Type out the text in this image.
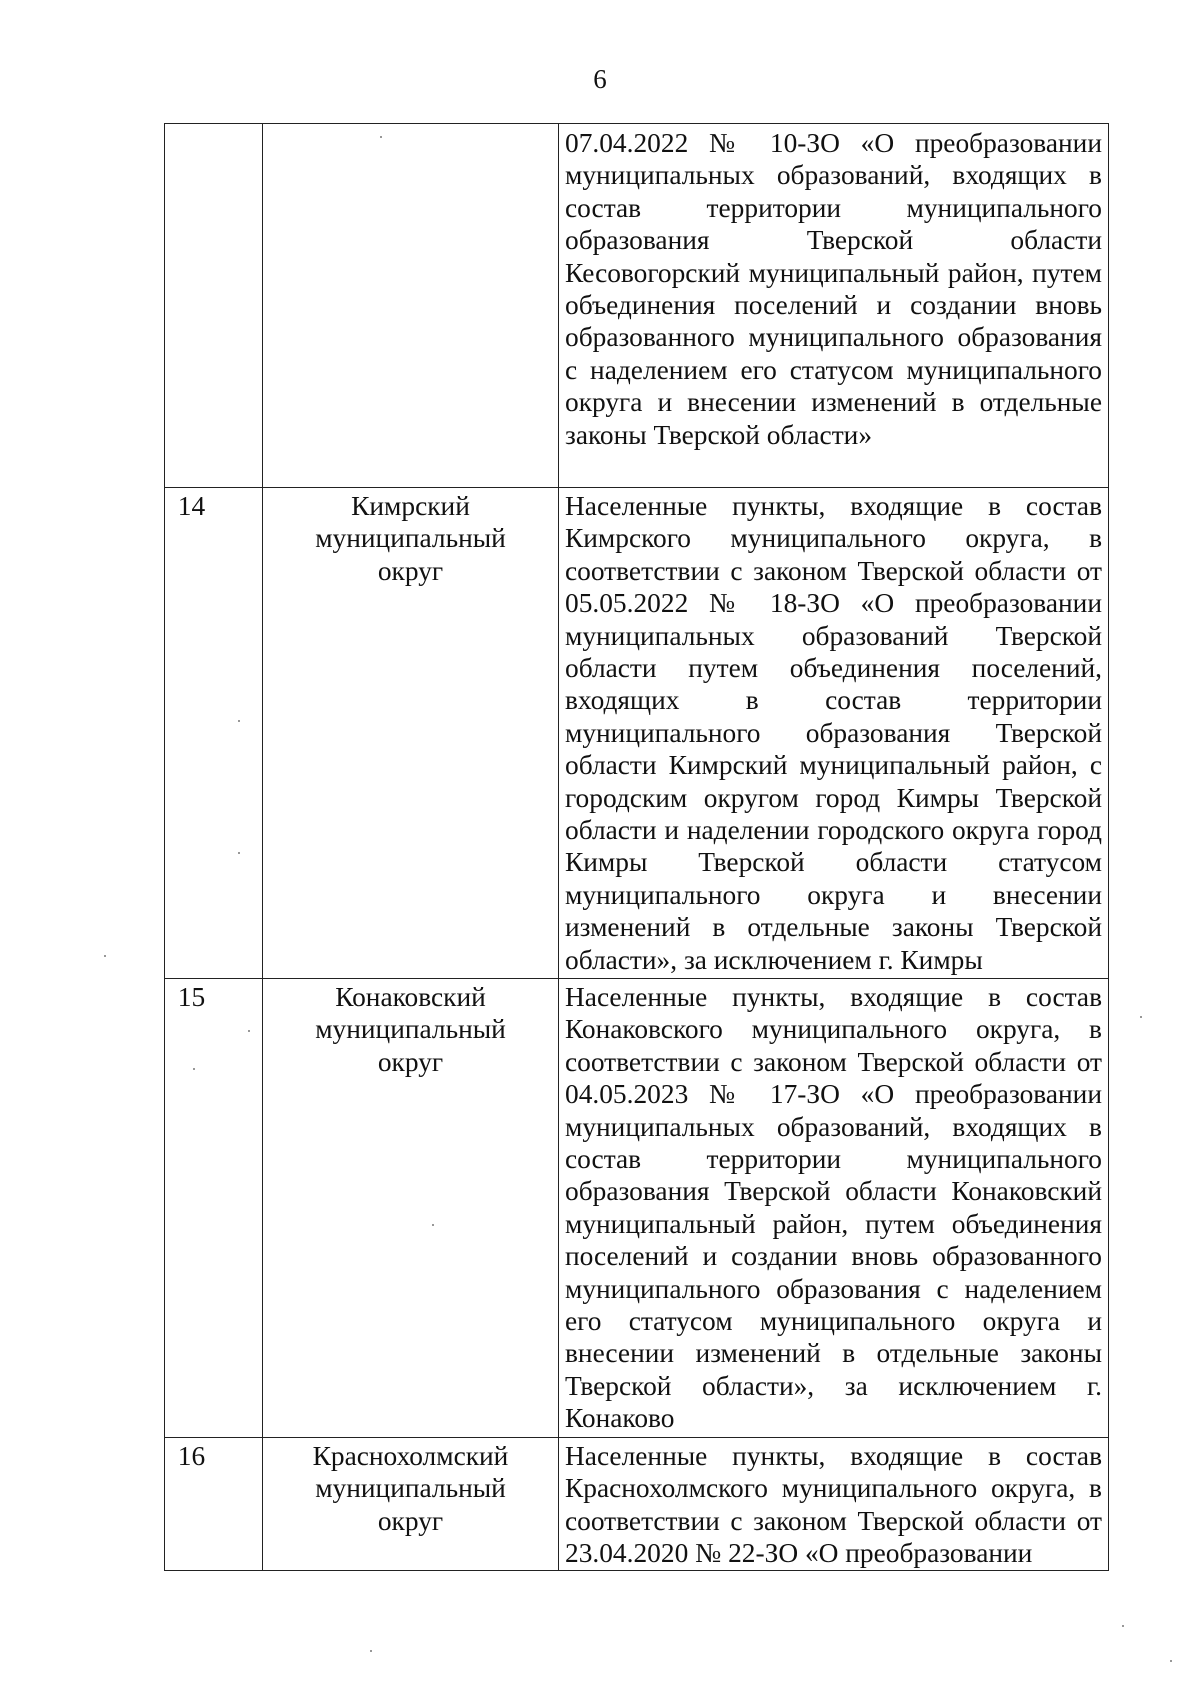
6

		07.04.2022 № 10-ЗО «О преобразовании муниципальных образований, входящих в состав территории муниципального образования Тверской области Кесовогорский муниципальный район, путем объединения поселений и создании вновь образованного муниципального образования с наделением его статусом муниципального округа и внесении изменений в отдельные законы Тверской области»

14	Кимрский муниципальный округ	Населенные пункты, входящие в состав Кимрского муниципального округа, в соответствии с законом Тверской области от 05.05.2022 № 18-ЗО «О преобразовании муниципальных образований Тверской области путем объединения поселений, входящих в состав территории муниципального образования Тверской области Кимрский муниципальный район, с городским округом город Кимры Тверской области и наделении городского округа город Кимры Тверской области статусом муниципального округа и внесении изменений в отдельные законы Тверской области», за исключением г. Кимры

15	Конаковский муниципальный округ	Населенные пункты, входящие в состав Конаковского муниципального округа, в соответствии с законом Тверской области от 04.05.2023 № 17-ЗО «О преобразовании муниципальных образований, входящих в состав территории муниципального образования Тверской области Конаковский муниципальный район, путем объединения поселений и создании вновь образованного муниципального образования с наделением его статусом муниципального округа и внесении изменений в отдельные законы Тверской области», за исключением г. Конаково

16	Краснохолмский муниципальный округ	Населенные пункты, входящие в состав Краснохолмского муниципального округа, в соответствии с законом Тверской области от 23.04.2020 № 22-ЗО «О преобразовании
